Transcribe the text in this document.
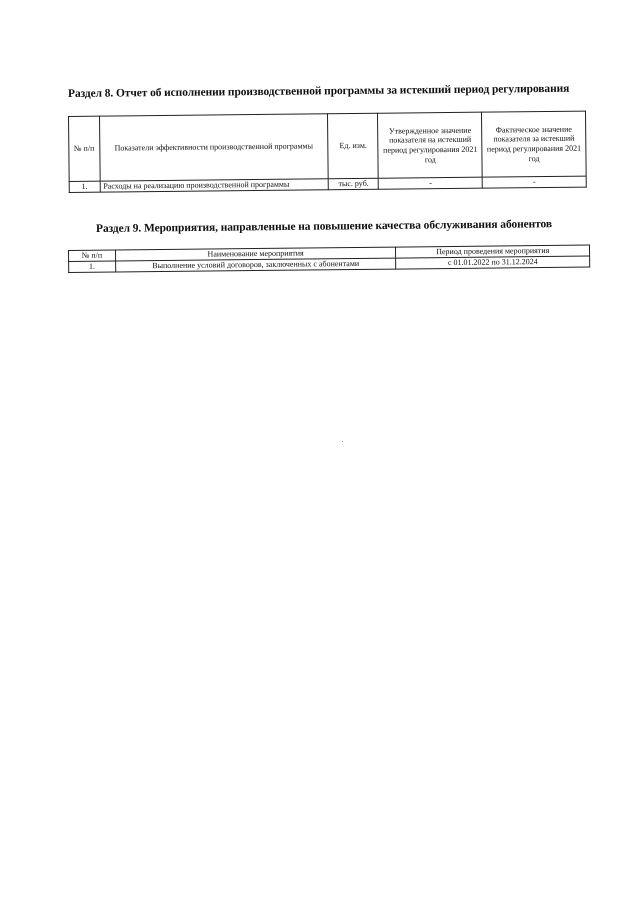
Раздел 8. Отчет об исполнении производственной программы за истекший период регулирования
№ п/п	Показатели эффективности производственной программы	Ед. изм.	Утвержденное значение показателя на истекший период регулирования 2021 год	Фактическое значение показателя за истекший период регулирования 2021 год
1.	Расходы на реализацию производственной программы	тыс. руб.	-	-
Раздел 9. Мероприятия, направленные на повышение качества обслуживания абонентов
№ п/п	Наименование мероприятия	Период проведения мероприятия
1.	Выполнение условий договоров, заключенных с абонентами	с 01.01.2022 по 31.12.2024
